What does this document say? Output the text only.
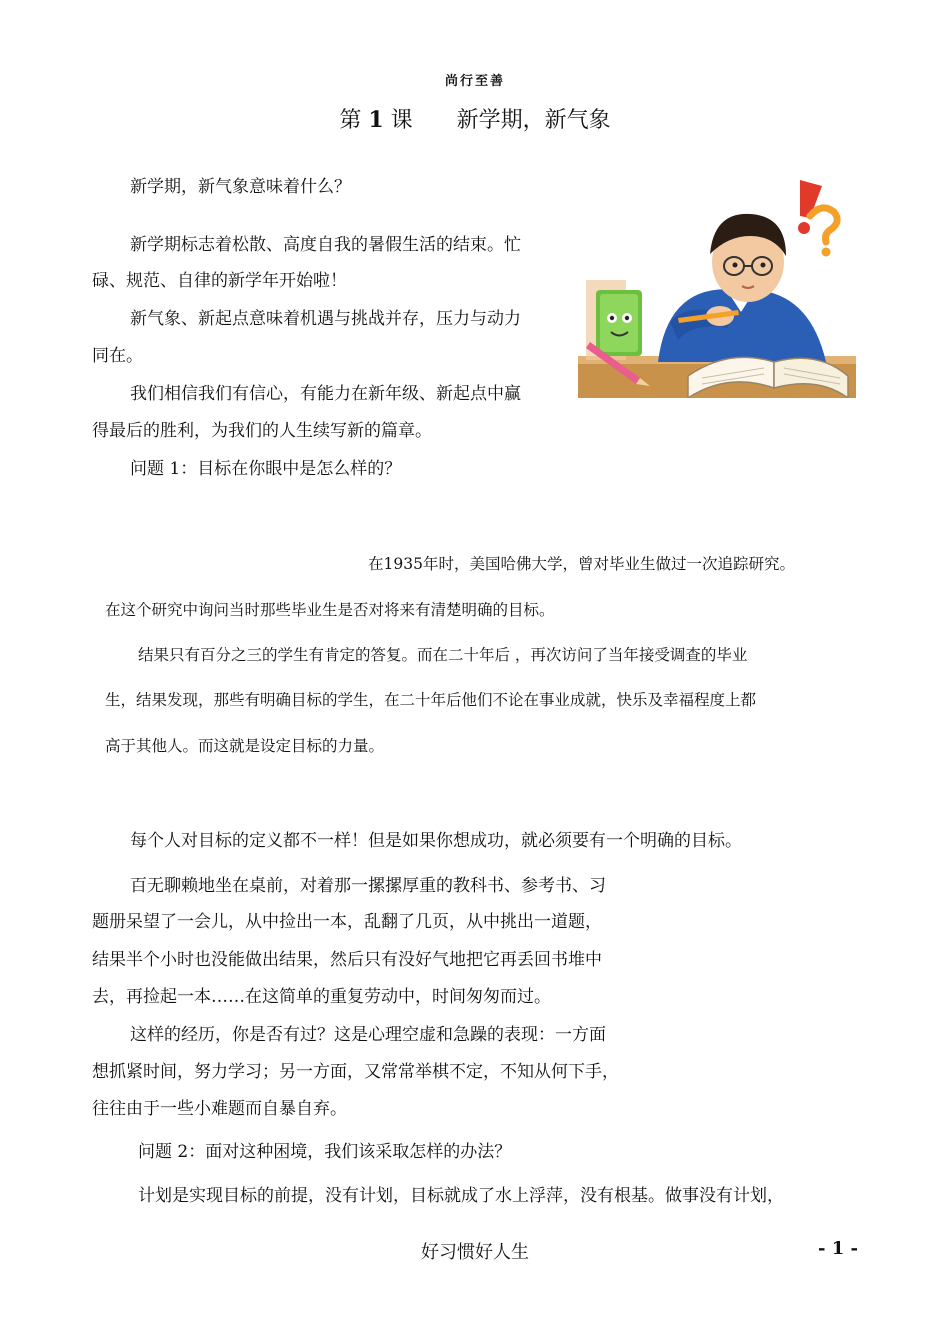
尚行至善
第 1 课 新学期，新气象
新学期，新气象意味着什么？
新学期标志着松散、高度自我的暑假生活的结束。忙
碌、规范、自律的新学年开始啦！
新气象、新起点意味着机遇与挑战并存，压力与动力
同在。
我们相信我们有信心，有能力在新年级、新起点中赢
得最后的胜利，为我们的人生续写新的篇章。
问题 1：目标在你眼中是怎么样的？
在1935年时，美国哈佛大学，曾对毕业生做过一次追踪研究。
在这个研究中询问当时那些毕业生是否对将来有清楚明确的目标。
结果只有百分之三的学生有肯定的答复。而在二十年后 ，再次访问了当年接受调查的毕业
生，结果发现，那些有明确目标的学生，在二十年后他们不论在事业成就，快乐及幸福程度上都
高于其他人。而这就是设定目标的力量。
每个人对目标的定义都不一样！但是如果你想成功，就必须要有一个明确的目标。
百无聊赖地坐在桌前，对着那一摞摞厚重的教科书、参考书、习
题册呆望了一会儿，从中捡出一本，乱翻了几页，从中挑出一道题，
结果半个小时也没能做出结果，然后只有没好气地把它再丢回书堆中
去，再捡起一本……在这简单的重复劳动中，时间匆匆而过。
这样的经历，你是否有过？这是心理空虚和急躁的表现：一方面
想抓紧时间，努力学习；另一方面，又常常举棋不定，不知从何下手，
往往由于一些小难题而自暴自弃。
问题 2：面对这种困境，我们该采取怎样的办法？
计划是实现目标的前提，没有计划，目标就成了水上浮萍，没有根基。做事没有计划，
好习惯好人生	- 1 -
